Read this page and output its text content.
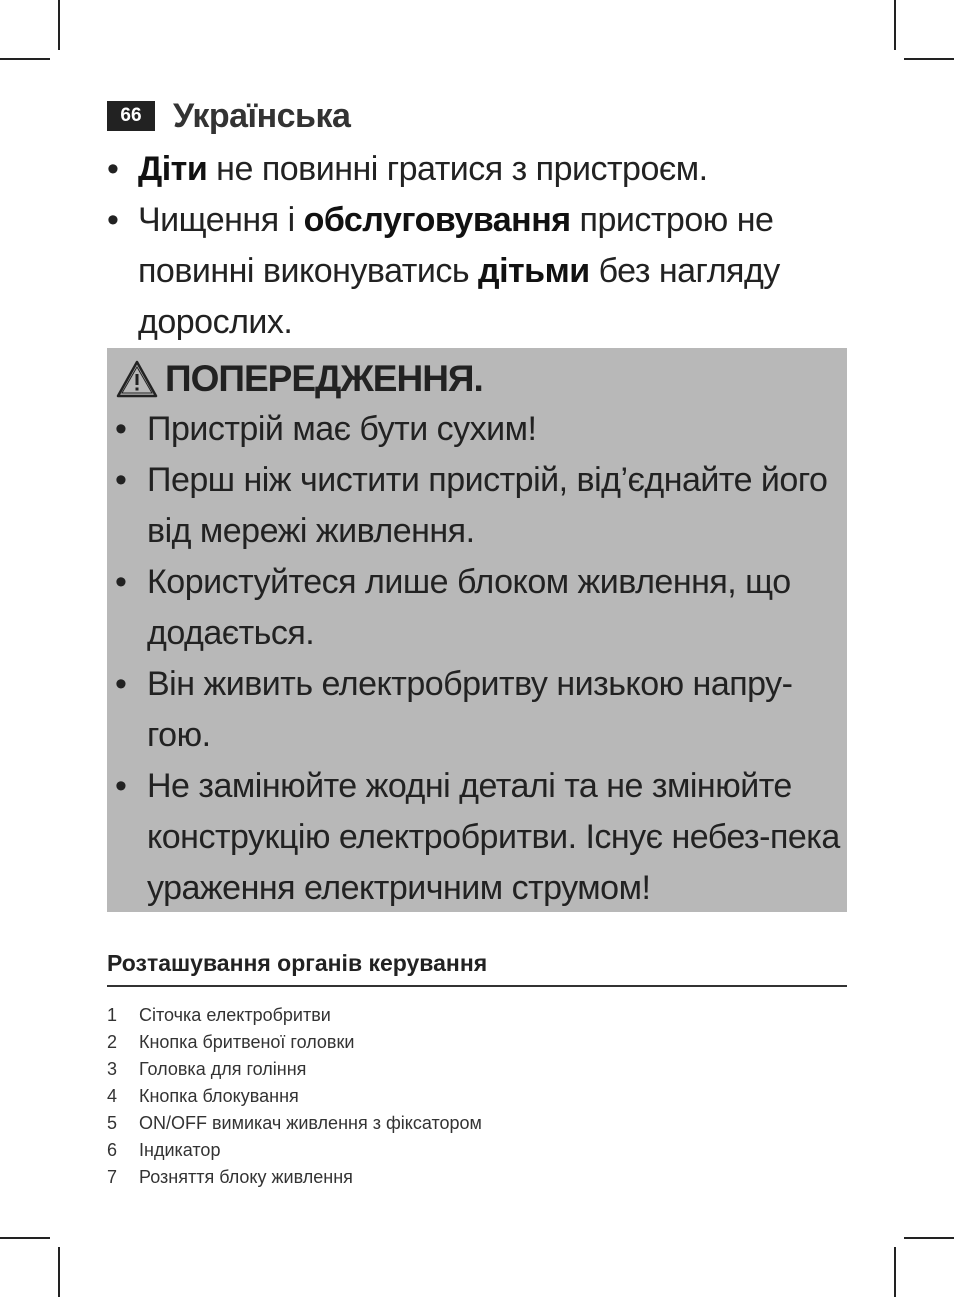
66 Українська
• Діти не повинні гратися з пристроєм.
• Чищення і обслуговування пристрою не повинні виконуватись дітьми без нагляду дорослих.
ПОПЕРЕДЖЕННЯ.
• Пристрій має бути сухим!
• Перш ніж чистити пристрій, від’єднайте його від мережі живлення.
• Користуйтеся лише блоком живлення, що додається.
• Він живить електробритву низькою напру-гою.
• Не замінюйте жодні деталі та не змінюйте конструкцію електробритви. Існує небез-пека ураження електричним струмом!
Розташування органів керування
1	Сіточка електробритви
2	Кнопка бритвеної головки
3	Головка для гоління
4	Кнопка блокування
5	ON/OFF вимикач живлення з фіксатором
6	Індикатор
7	Розняття блоку живлення
